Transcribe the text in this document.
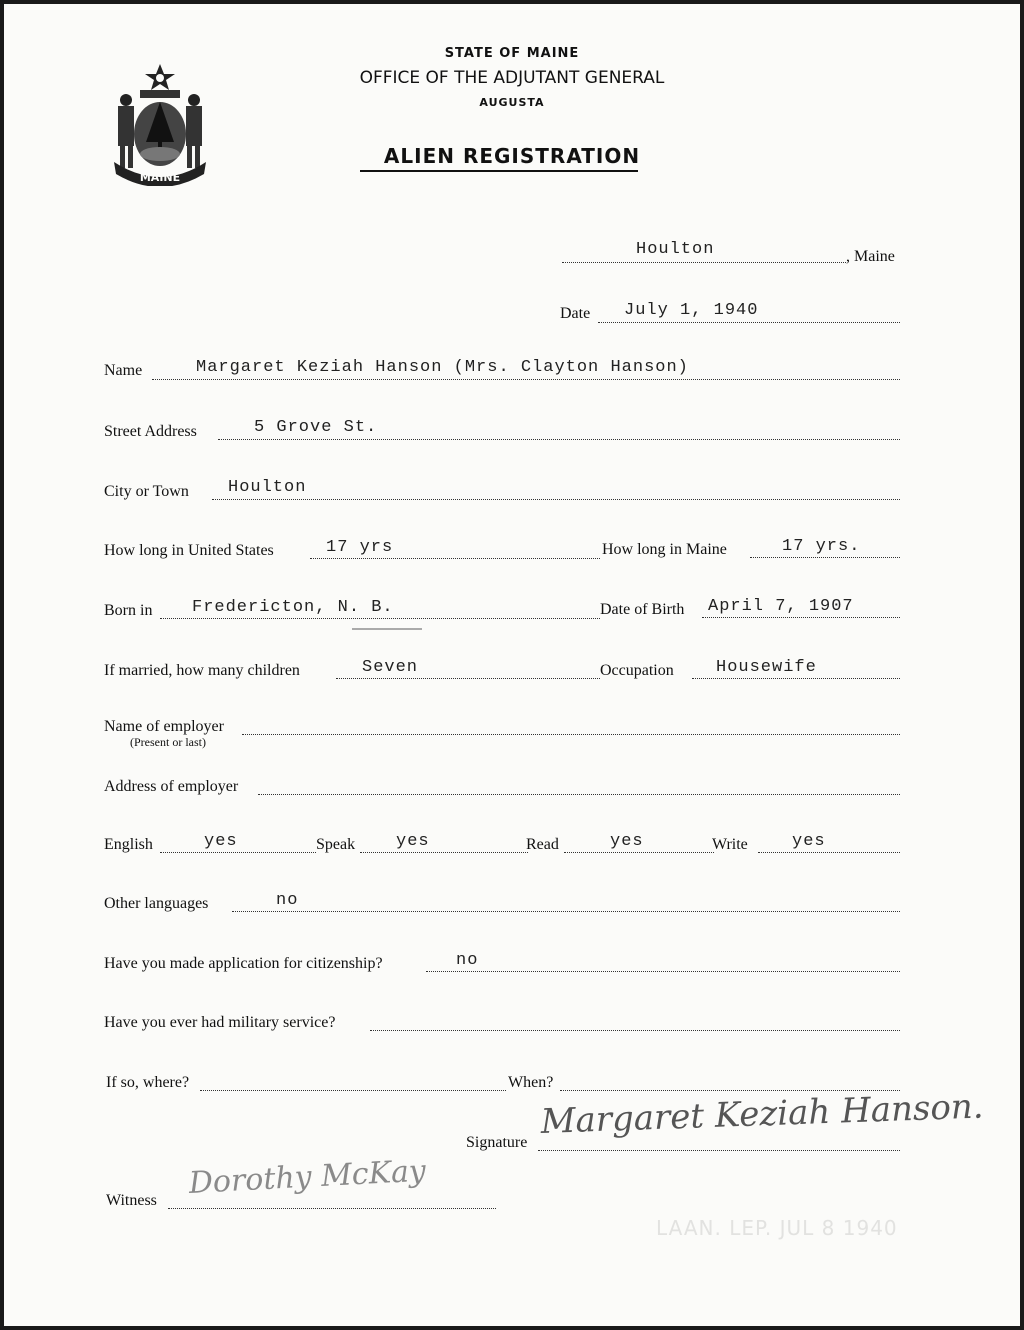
MAINE
STATE OF MAINE
OFFICE OF THE ADJUTANT GENERAL
AUGUSTA
ALIEN REGISTRATION
Houlton	, Maine
Date July 1, 1940
Name	Margaret Keziah Hanson (Mrs. Clayton Hanson)
Street Address	5 Grove St.
City or Town Houlton
How long in United States	17 yrs	How long in Maine	17 yrs.
Born in Fredericton, N. B.	Date of Birth April 7, 1907
If married, how many children	Seven	Occupation Housewife
Name of employer
(Present or last)
Address of employer
English	yes	Speak yes	Read	yes	Write	yes
Other languages	no
Have you made application for citizenship?	no
Have you ever had military service?
If so, where?	When?
Signature
Margaret Keziah Hanson.
Witness Dorothy McKay
LAAN. LEP. JUL 8 1940
